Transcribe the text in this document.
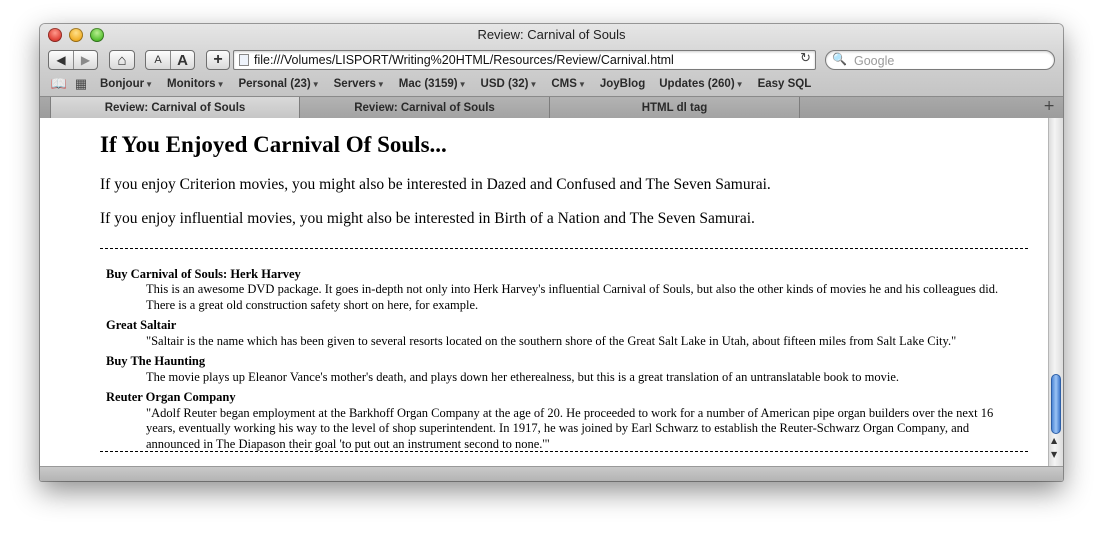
Review: Carnival of Souls
◀	▶	⌂	A	A	+	file:///Volumes/LISPORT/Writing%20HTML/Resources/Review/Carnival.html	↻ 🔍
Google
📖 ▦	Bonjour▼ Monitors▼ Personal (23)▼ Servers▼ Mac (3159)▼ USD (32)▼ CMS▼ JoyBlog Updates (260)▼ Easy SQL
Review: Carnival of Souls	Review: Carnival of Souls	HTML dl tag	+
If You Enjoyed Carnival Of Souls...

If you enjoy Criterion movies, you might also be interested in Dazed and Confused and The Seven Samurai.

If you enjoy influential movies, you might also be interested in Birth of a Nation and The Seven Samurai.

Buy Carnival of Souls: Herk Harvey
This is an awesome DVD package. It goes in-depth not only into Herk Harvey's influential Carnival of Souls, but also the other kinds of movies he and his colleagues did. There is a great old construction safety short on here, for example.
Great Saltair
"Saltair is the name which has been given to several resorts located on the southern shore of the Great Salt Lake in Utah, about fifteen miles from Salt Lake City."
Buy The Haunting
The movie plays up Eleanor Vance's mother's death, and plays down her etherealness, but this is a great translation of an untranslatable book to movie.
Reuter Organ Company
"Adolf Reuter began employment at the Barkhoff Organ Company at the age of 20. He proceeded to work for a number of American pipe organ builders over the next 16 years, eventually working his way to the level of shop superintendent. In 1917, he was joined by Earl Schwarz to establish the Reuter-Schwarz Organ Company, and announced in The Diapason their goal 'to put out an instrument second to none.'"	▲
▼
